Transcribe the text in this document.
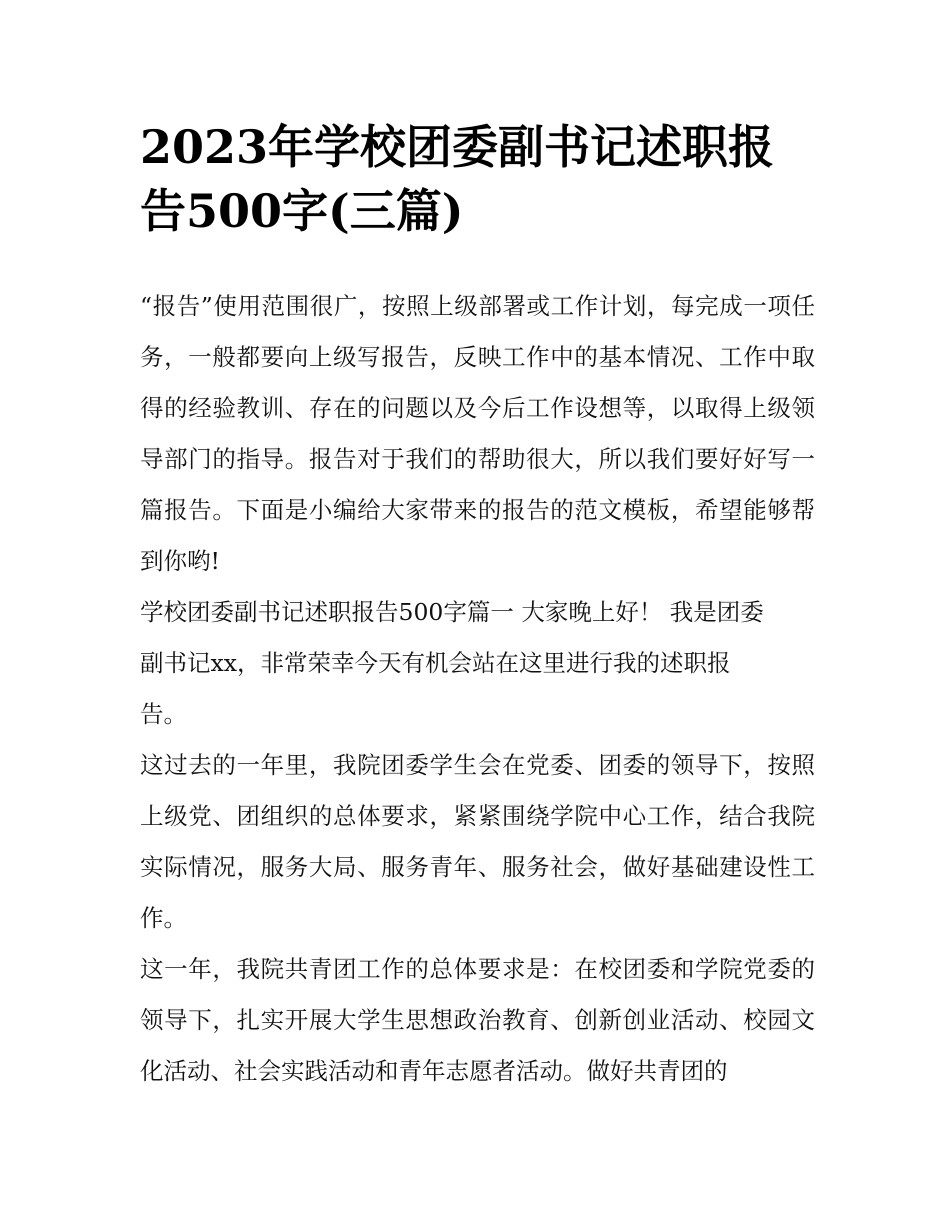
2023年学校团委副书记述职报告500字(三篇)

“报告”使用范围很广，按照上级部署或工作计划，每完成一项任务，一般都要向上级写报告，反映工作中的基本情况、工作中取得的经验教训、存在的问题以及今后工作设想等，以取得上级领导部门的指导。报告对于我们的帮助很大，所以我们要好好写一篇报告。下面是小编给大家带来的报告的范文模板，希望能够帮到你哟!

学校团委副书记述职报告500字篇一 大家晚上好！ 我是团委副书记xx，非常荣幸今天有机会站在这里进行我的述职报告。

这过去的一年里，我院团委学生会在党委、团委的领导下，按照上级党、团组织的总体要求，紧紧围绕学院中心工作，结合我院实际情况，服务大局、服务青年、服务社会，做好基础建设性工作。

这一年，我院共青团工作的总体要求是：在校团委和学院党委的领导下，扎实开展大学生思想政治教育、创新创业活动、校园文化活动、社会实践活动和青年志愿者活动。做好共青团的
